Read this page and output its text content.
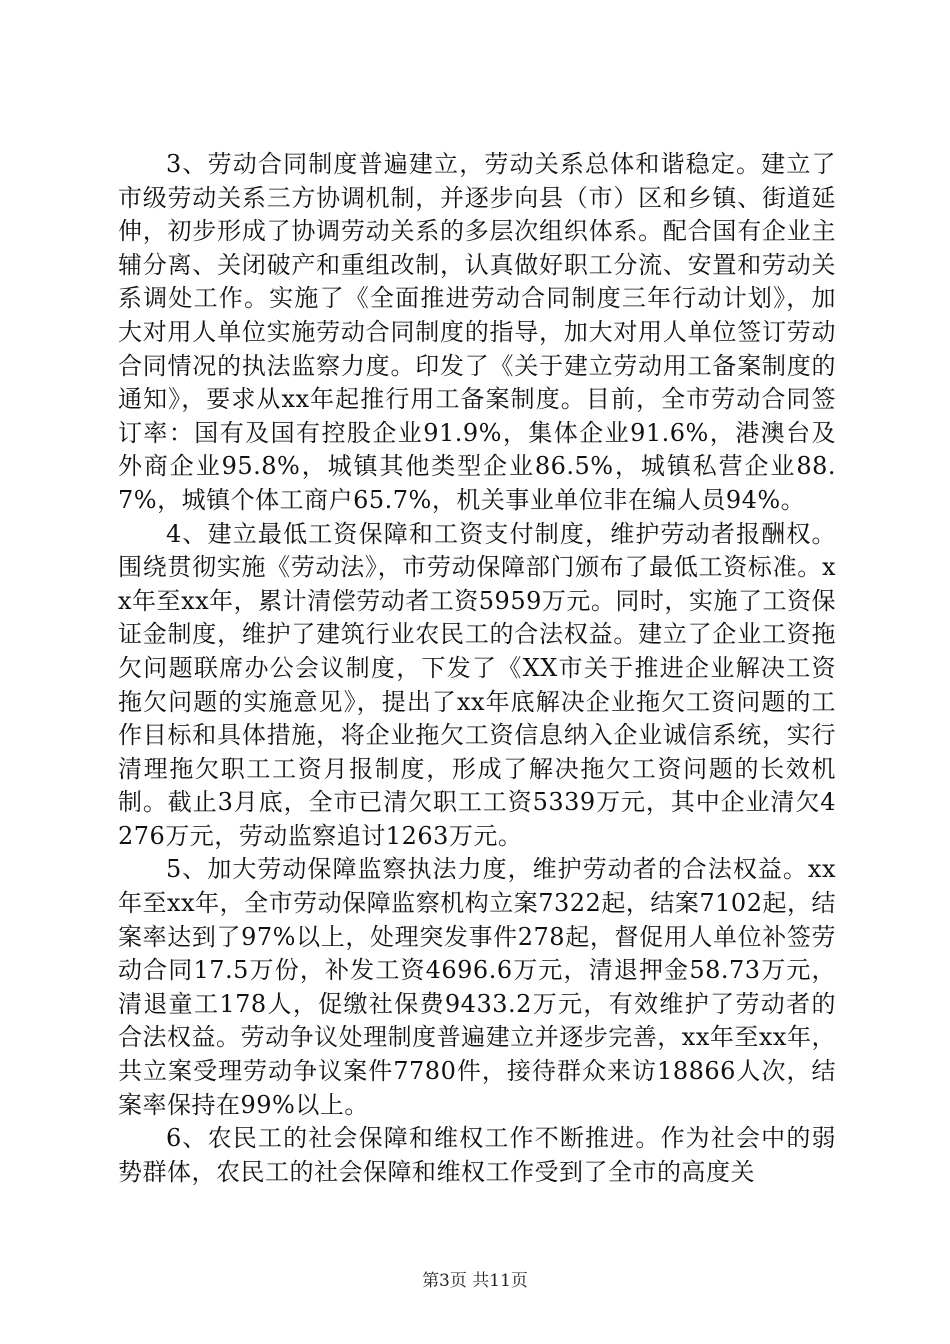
3、劳动合同制度普遍建立，劳动关系总体和谐稳定。建立了市级劳动关系三方协调机制，并逐步向县（市）区和乡镇、街道延伸，初步形成了协调劳动关系的多层次组织体系。配合国有企业主辅分离、关闭破产和重组改制，认真做好职工分流、安置和劳动关系调处工作。实施了《全面推进劳动合同制度三年行动计划》，加大对用人单位实施劳动合同制度的指导，加大对用人单位签订劳动合同情况的执法监察力度。印发了《关于建立劳动用工备案制度的通知》，要求从xx年起推行用工备案制度。目前，全市劳动合同签订率：国有及国有控股企业91.9%，集体企业91.6%，港澳台及外商企业95.8%，城镇其他类型企业86.5%，城镇私营企业88.7%，城镇个体工商户65.7%，机关事业单位非在编人员94%。

4、建立最低工资保障和工资支付制度，维护劳动者报酬权。围绕贯彻实施《劳动法》，市劳动保障部门颁布了最低工资标准。xx年至xx年，累计清偿劳动者工资5959万元。同时，实施了工资保证金制度，维护了建筑行业农民工的合法权益。建立了企业工资拖欠问题联席办公会议制度，下发了《XX市关于推进企业解决工资拖欠问题的实施意见》，提出了xx年底解决企业拖欠工资问题的工作目标和具体措施，将企业拖欠工资信息纳入企业诚信系统，实行清理拖欠职工工资月报制度，形成了解决拖欠工资问题的长效机制。截止3月底，全市已清欠职工工资5339万元，其中企业清欠4276万元，劳动监察追讨1263万元。

5、加大劳动保障监察执法力度，维护劳动者的合法权益。xx年至xx年，全市劳动保障监察机构立案7322起，结案7102起，结案率达到了97%以上，处理突发事件278起，督促用人单位补签劳动合同17.5万份，补发工资4696.6万元，清退押金58.73万元，清退童工178人，促缴社保费9433.2万元，有效维护了劳动者的合法权益。劳动争议处理制度普遍建立并逐步完善，xx年至xx年，共立案受理劳动争议案件7780件，接待群众来访18866人次，结案率保持在99%以上。

6、农民工的社会保障和维权工作不断推进。作为社会中的弱势群体，农民工的社会保障和维权工作受到了全市的高度关

第3页 共11页
